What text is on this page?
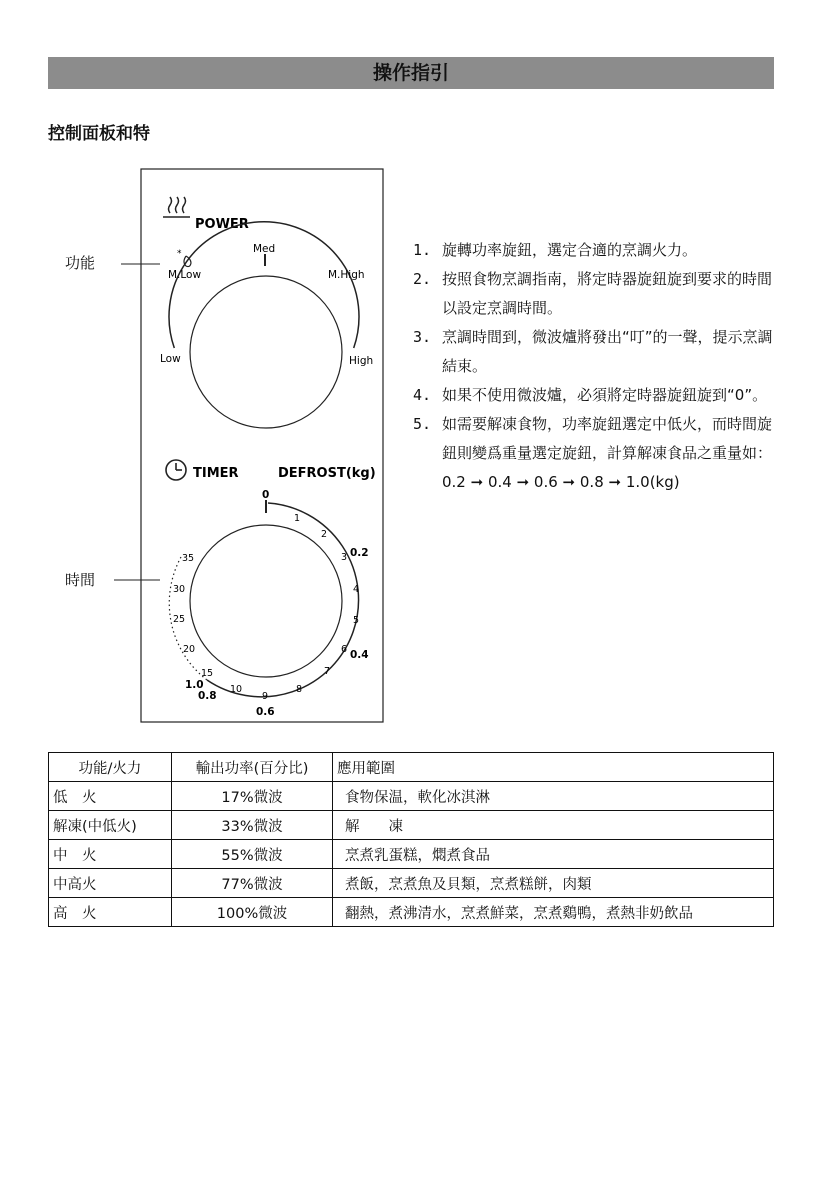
操作指引
控制面板和特
POWER
*
M.Low
Med
M.High
Low	High
TIMER	DEFROST(kg)
0
1
2
3
4
5
6
7
8
9
10
15
20
25
30
35	0.2
0.4
0.6
0.8
1.0
功能
時間
1. 旋轉功率旋鈕，選定合適的烹調火力。
2. 按照食物烹調指南，將定時器旋鈕旋到要求的時間以設定烹調時間。
3. 烹調時間到，微波爐將發出“叮”的一聲，提示烹調結束。
4. 如果不使用微波爐，必須將定時器旋鈕旋到“0”。
5. 如需要解凍食物，功率旋鈕選定中低火，而時間旋鈕則變爲重量選定旋鈕，計算解凍食品之重量如：0.2 ➞ 0.4 ➞ 0.6 ➞ 0.8 ➞ 1.0(kg)
功能/火力	輸出功率(百分比)	應用範圍
低　火	17%微波	食物保温，軟化冰淇淋
解凍(中低火)	33%微波	解　　凍
中　火	55%微波	烹煮乳蛋糕，燜煮食品
中高火	77%微波	煮飯，烹煮魚及貝類，烹煮糕餅，肉類
高　火	100%微波	翻熱，煮沸清水，烹煮鮮菜，烹煮鷄鴨，煮熱非奶飲品
